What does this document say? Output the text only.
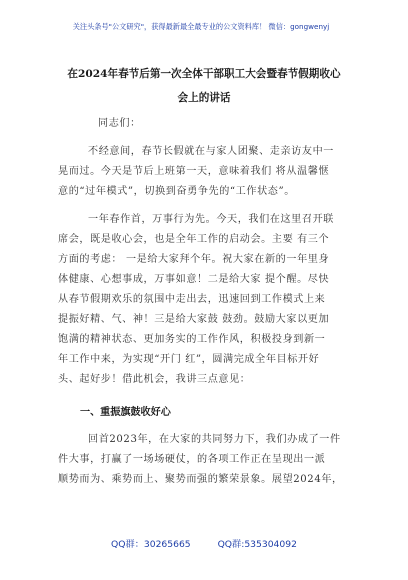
关注头条号"公文研究"，获得最新最全最专业的公文资料库！ 微信：gongwenyj
在2024年春节后第一次全体干部职工大会暨春节假期收心
会上的讲话
同志们：
不经意间，春节长假就在与家人团聚、走亲访友中一
晃而过。今天是节后上班第一天，意味着我们 将从温馨惬
意的“过年模式”，切换到奋勇争先的“工作状态”。
一年春作首，万事行为先。今天，我们在这里召开联
席会，既是收心会，也是全年工作的启动会。主要 有三个
方面的考虑： 一是给大家拜个年。祝大家在新的一年里身
体健康、心想事成，万事如意！二是给大家 提个醒。尽快
从春节假期欢乐的氛围中走出去，迅速回到工作模式上来
提振好精、气、神！三是给大家鼓 鼓劲。鼓励大家以更加
饱满的精神状态、更加务实的工作作风，积极投身到新一
年工作中来，为实现“开门 红”，圆满完成全年目标开好
头、起好步！借此机会，我讲三点意见：
一、重振旗鼓收好心
回首2023年，在大家的共同努力下，我们办成了一件
件大事，打赢了一场场硬仗，的各项工作正在呈现出一派
顺势而为、乘势而上、聚势而强的繁荣景象。展望2024年，
QQ群：30265665	QQ群:535304092
